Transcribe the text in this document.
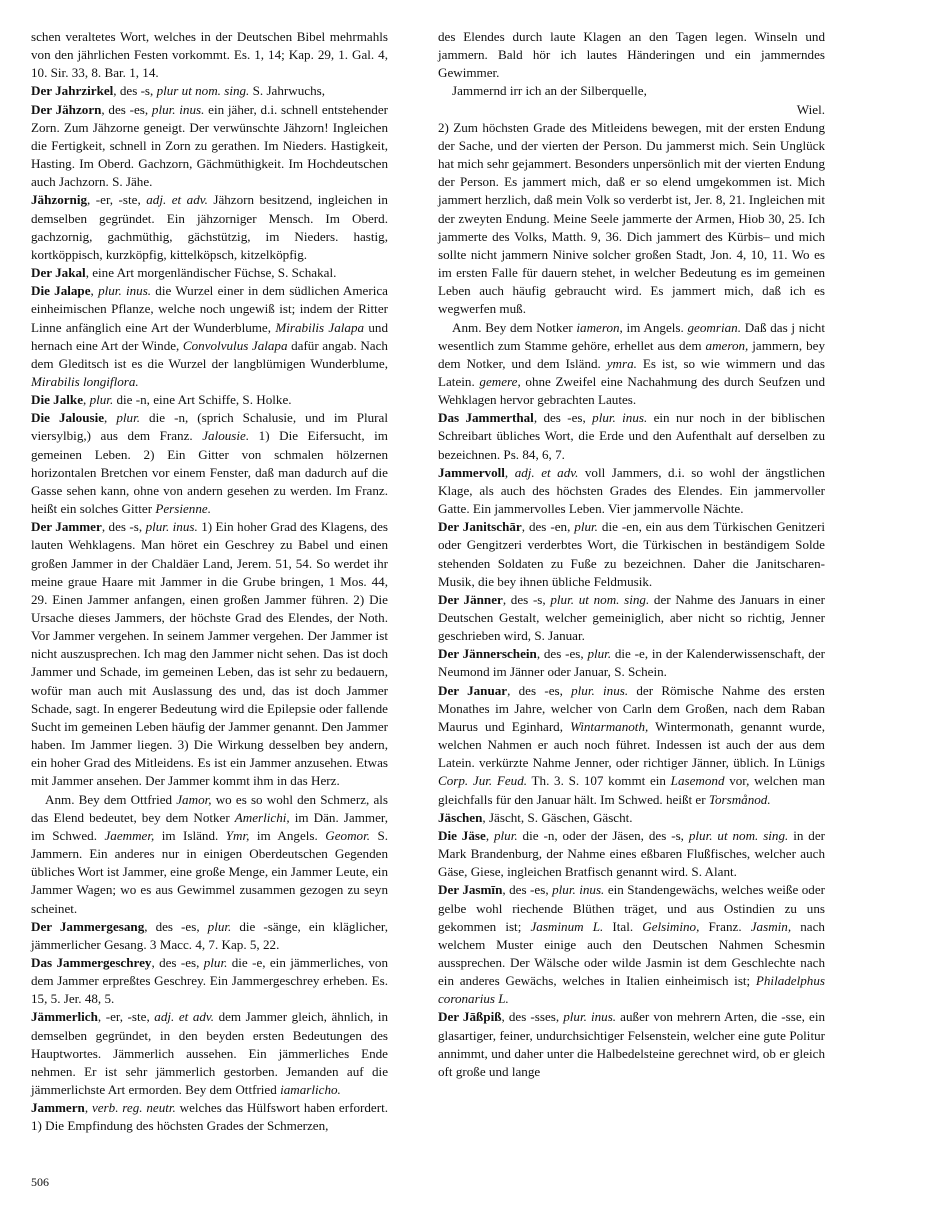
schen veraltetes Wort, welches in der Deutschen Bibel mehrmahls von den jährlichen Festen vorkommt. Es. 1, 14; Kap. 29, 1. Gal. 4, 10. Sir. 33, 8. Bar. 1, 14.

Der Jahrzirkel, des -s, plur ut nom. sing. S. Jahrwuchs,

Der Jähzorn, des -es, plur. inus. ein jäher, d.i. schnell entstehender Zorn. Zum Jähzorne geneigt. Der verwünschte Jähzorn! Ingleichen die Fertigkeit, schnell in Zorn zu gerathen. Im Nieders. Hastigkeit, Hasting. Im Oberd. Gachzorn, Gächmüthigkeit. Im Hochdeutschen auch Jachzorn. S. Jähe.

Jähzornig, -er, -ste, adj. et adv. Jähzorn besitzend, ingleichen in demselben gegründet. Ein jähzorniger Mensch. Im Oberd. gachzornig, gachmüthig, gächstützig, im Nieders. hastig, kortköppisch, kurzköpfig, kittelköpsch, kitzelköpfig.

Der Jakal, eine Art morgenländischer Füchse, S. Schakal.

Die Jalape, plur. inus. die Wurzel einer in dem südlichen America einheimischen Pflanze, welche noch ungewiß ist; indem der Ritter Linne anfänglich eine Art der Wunderblume, Mirabilis Jalapa und hernach eine Art der Winde, Convolvulus Jalapa dafür angab. Nach dem Gleditsch ist es die Wurzel der langblümigen Wunderblume, Mirabilis longiflora.

Die Jalke, plur. die -n, eine Art Schiffe, S. Holke.

Die Jalousie, plur. die -n, (sprich Schalusie, und im Plural viersylbig,) aus dem Franz. Jalousie. 1) Die Eifersucht, im gemeinen Leben. 2) Ein Gitter von schmalen hölzernen horizontalen Bretchen vor einem Fenster, daß man dadurch auf die Gasse sehen kann, ohne von andern gesehen zu werden. Im Franz. heißt ein solches Gitter Persienne.

Der Jammer, des -s, plur. inus. 1) Ein hoher Grad des Klagens, des lauten Wehklagens. Man höret ein Geschrey zu Babel und einen großen Jammer in der Chaldäer Land, Jerem. 51, 54. So werdet ihr meine graue Haare mit Jammer in die Grube bringen, 1 Mos. 44, 29. Einen Jammer anfangen, einen großen Jammer führen. 2) Die Ursache dieses Jammers, der höchste Grad des Elendes, der Noth. Vor Jammer vergehen. In seinem Jammer vergehen. Der Jammer ist nicht auszusprechen. Ich mag den Jammer nicht sehen. Das ist doch Jammer und Schade, im gemeinen Leben, das ist sehr zu bedauern, wofür man auch mit Auslassung des und, das ist doch Jammer Schade, sagt. In engerer Bedeutung wird die Epilepsie oder fallende Sucht im gemeinen Leben häufig der Jammer genannt. Den Jammer haben. Im Jammer liegen. 3) Die Wirkung desselben bey andern, ein hoher Grad des Mitleidens. Es ist ein Jammer anzusehen. Etwas mit Jammer ansehen. Der Jammer kommt ihm in das Herz.

Anm. Bey dem Ottfried Jamor, wo es so wohl den Schmerz, als das Elend bedeutet, bey dem Notker Amerlichi, im Dän. Jammer, im Schwed. Jaemmer, im Isländ. Ymr, im Angels. Geomor. S. Jammern. Ein anderes nur in einigen Oberdeutschen Gegenden übliches Wort ist Jammer, eine große Menge, ein Jammer Leute, ein Jammer Wagen; wo es aus Gewimmel zusammen gezogen zu seyn scheinet.

Der Jammergesang, des -es, plur. die -sänge, ein kläglicher, jämmerlicher Gesang. 3 Macc. 4, 7. Kap. 5, 22.

Das Jammergeschrey, des -es, plur. die -e, ein jämmerliches, von dem Jammer erpreßtes Geschrey. Ein Jammergeschrey erheben. Es. 15, 5. Jer. 48, 5.

Jämmerlich, -er, -ste, adj. et adv. dem Jammer gleich, ähnlich, in demselben gegründet, in den beyden ersten Bedeutungen des Hauptwortes. Jämmerlich aussehen. Ein jämmerliches Ende nehmen. Er ist sehr jämmerlich gestorben. Jemanden auf die jämmerlichste Art ermorden. Bey dem Ottfried iamarlicho.

Jammern, verb. reg. neutr. welches das Hülfswort haben erfordert. 1) Die Empfindung des höchsten Grades der Schmerzen,

des Elendes durch laute Klagen an den Tagen legen. Winseln und jammern. Bald hör ich lautes Händeringen und ein jammerndes Gewimmer.

Jammernd irr ich an der Silberquelle,

Wiel.

2) Zum höchsten Grade des Mitleidens bewegen, mit der ersten Endung der Sache, und der vierten der Person. Du jammerst mich. Sein Unglück hat mich sehr gejammert. Besonders unpersönlich mit der vierten Endung der Person. Es jammert mich, daß er so elend umgekommen ist. Mich jammert herzlich, daß mein Volk so verderbt ist, Jer. 8, 21. Ingleichen mit der zweyten Endung. Meine Seele jammerte der Armen, Hiob 30, 25. Ich jammerte des Volks, Matth. 9, 36. Dich jammert des Kürbis– und mich sollte nicht jammern Ninive solcher großen Stadt, Jon. 4, 10, 11. Wo es im ersten Falle für dauern stehet, in welcher Bedeutung es im gemeinen Leben auch häufig gebraucht wird. Es jammert mich, daß ich es wegwerfen muß.

Anm. Bey dem Notker iameron, im Angels. geomrian. Daß das j nicht wesentlich zum Stamme gehöre, erhellet aus dem ameron, jammern, bey dem Notker, und dem Isländ. ymra. Es ist, so wie wimmern und das Latein. gemere, ohne Zweifel eine Nachahmung des durch Seufzen und Wehklagen hervor gebrachten Lautes.

Das Jammerthal, des -es, plur. inus. ein nur noch in der biblischen Schreibart übliches Wort, die Erde und den Aufenthalt auf derselben zu bezeichnen. Ps. 84, 6, 7.

Jammervoll, adj. et adv. voll Jammers, d.i. so wohl der ängstlichen Klage, als auch des höchsten Grades des Elendes. Ein jammervoller Gatte. Ein jammervolles Leben. Vier jammervolle Nächte.

Der Janitschār, des -en, plur. die -en, ein aus dem Türkischen Genitzeri oder Gengitzeri verderbtes Wort, die Türkischen in beständigem Solde stehenden Soldaten zu Fuße zu bezeichnen. Daher die Janitscharen-Musik, die bey ihnen übliche Feldmusik.

Der Jänner, des -s, plur. ut nom. sing. der Nahme des Januars in einer Deutschen Gestalt, welcher gemeiniglich, aber nicht so richtig, Jenner geschrieben wird, S. Januar.

Der Jännerschein, des -es, plur. die -e, in der Kalenderwissenschaft, der Neumond im Jänner oder Januar, S. Schein.

Der Januar, des -es, plur. inus. der Römische Nahme des ersten Monathes im Jahre, welcher von Carln dem Großen, nach dem Raban Maurus und Eginhard, Wintarmanoth, Wintermonath, genannt wurde, welchen Nahmen er auch noch führet. Indessen ist auch der aus dem Latein. verkürzte Nahme Jenner, oder richtiger Jänner, üblich. In Lünigs Corp. Jur. Feud. Th. 3. S. 107 kommt ein Lasemond vor, welchen man gleichfalls für den Januar hält. Im Schwed. heißt er Torsmånod.

Jäschen, Jäscht, S. Gäschen, Gäscht.

Die Jäse, plur. die -n, oder der Jäsen, des -s, plur. ut nom. sing. in der Mark Brandenburg, der Nahme eines eßbaren Flußfisches, welcher auch Gäse, Giese, ingleichen Bratfisch genannt wird. S. Alant.

Der Jasmīn, des -es, plur. inus. ein Standengewächs, welches weiße oder gelbe wohl riechende Blüthen träget, und aus Ostindien zu uns gekommen ist; Jasminum L. Ital. Gelsimino, Franz. Jasmin, nach welchem Muster einige auch den Deutschen Nahmen Schesmin aussprechen. Der Wälsche oder wilde Jasmin ist dem Geschlechte nach ein anderes Gewächs, welches in Italien einheimisch ist; Philadelphus coronarius L.

Der Jāßpiß, des -sses, plur. inus. außer von mehrern Arten, die -sse, ein glasartiger, feiner, undurchsichtiger Felsenstein, welcher eine gute Politur annimmt, und daher unter die Halbedelsteine gerechnet wird, ob er gleich oft große und lange

506
